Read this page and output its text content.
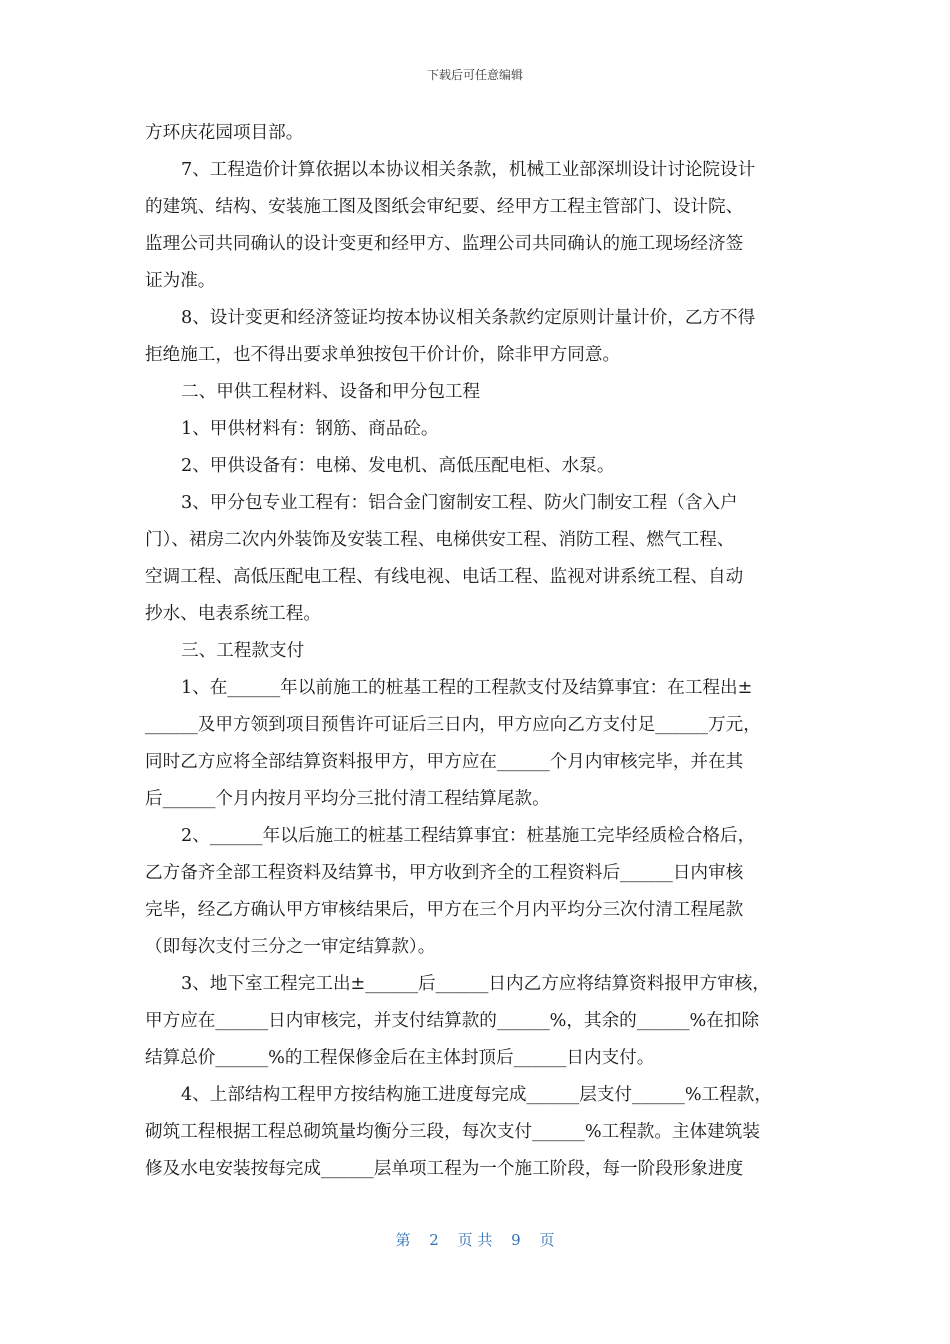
下载后可任意编辑
方环庆花园项目部。
7、工程造价计算依据以本协议相关条款，机械工业部深圳设计讨论院设计
的建筑、结构、安装施工图及图纸会审纪要、经甲方工程主管部门、设计院、
监理公司共同确认的设计变更和经甲方、监理公司共同确认的施工现场经济签
证为准。
8、设计变更和经济签证均按本协议相关条款约定原则计量计价，乙方不得
拒绝施工，也不得出要求单独按包干价计价，除非甲方同意。
二、甲供工程材料、设备和甲分包工程
1、甲供材料有：钢筋、商品砼。
2、甲供设备有：电梯、发电机、高低压配电柜、水泵。
3、甲分包专业工程有：铝合金门窗制安工程、防火门制安工程（含入户
门）、裙房二次内外装饰及安装工程、电梯供安工程、消防工程、燃气工程、
空调工程、高低压配电工程、有线电视、电话工程、监视对讲系统工程、自动
抄水、电表系统工程。
三、工程款支付
1、在______年以前施工的桩基工程的工程款支付及结算事宜：在工程出±
______及甲方领到项目预售许可证后三日内，甲方应向乙方支付足______万元，
同时乙方应将全部结算资料报甲方，甲方应在______个月内审核完毕，并在其
后______个月内按月平均分三批付清工程结算尾款。
2、______年以后施工的桩基工程结算事宜：桩基施工完毕经质检合格后，
乙方备齐全部工程资料及结算书，甲方收到齐全的工程资料后______日内审核
完毕，经乙方确认甲方审核结果后，甲方在三个月内平均分三次付清工程尾款
（即每次支付三分之一审定结算款）。
3、地下室工程完工出±______后______日内乙方应将结算资料报甲方审核，
甲方应在______日内审核完，并支付结算款的______%，其余的______%在扣除
结算总价______%的工程保修金后在主体封顶后______日内支付。
4、上部结构工程甲方按结构施工进度每完成______层支付______%工程款，
砌筑工程根据工程总砌筑量均衡分三段，每次支付______%工程款。主体建筑装
修及水电安装按每完成______层单项工程为一个施工阶段，每一阶段形象进度
第 2 页 共 9 页
